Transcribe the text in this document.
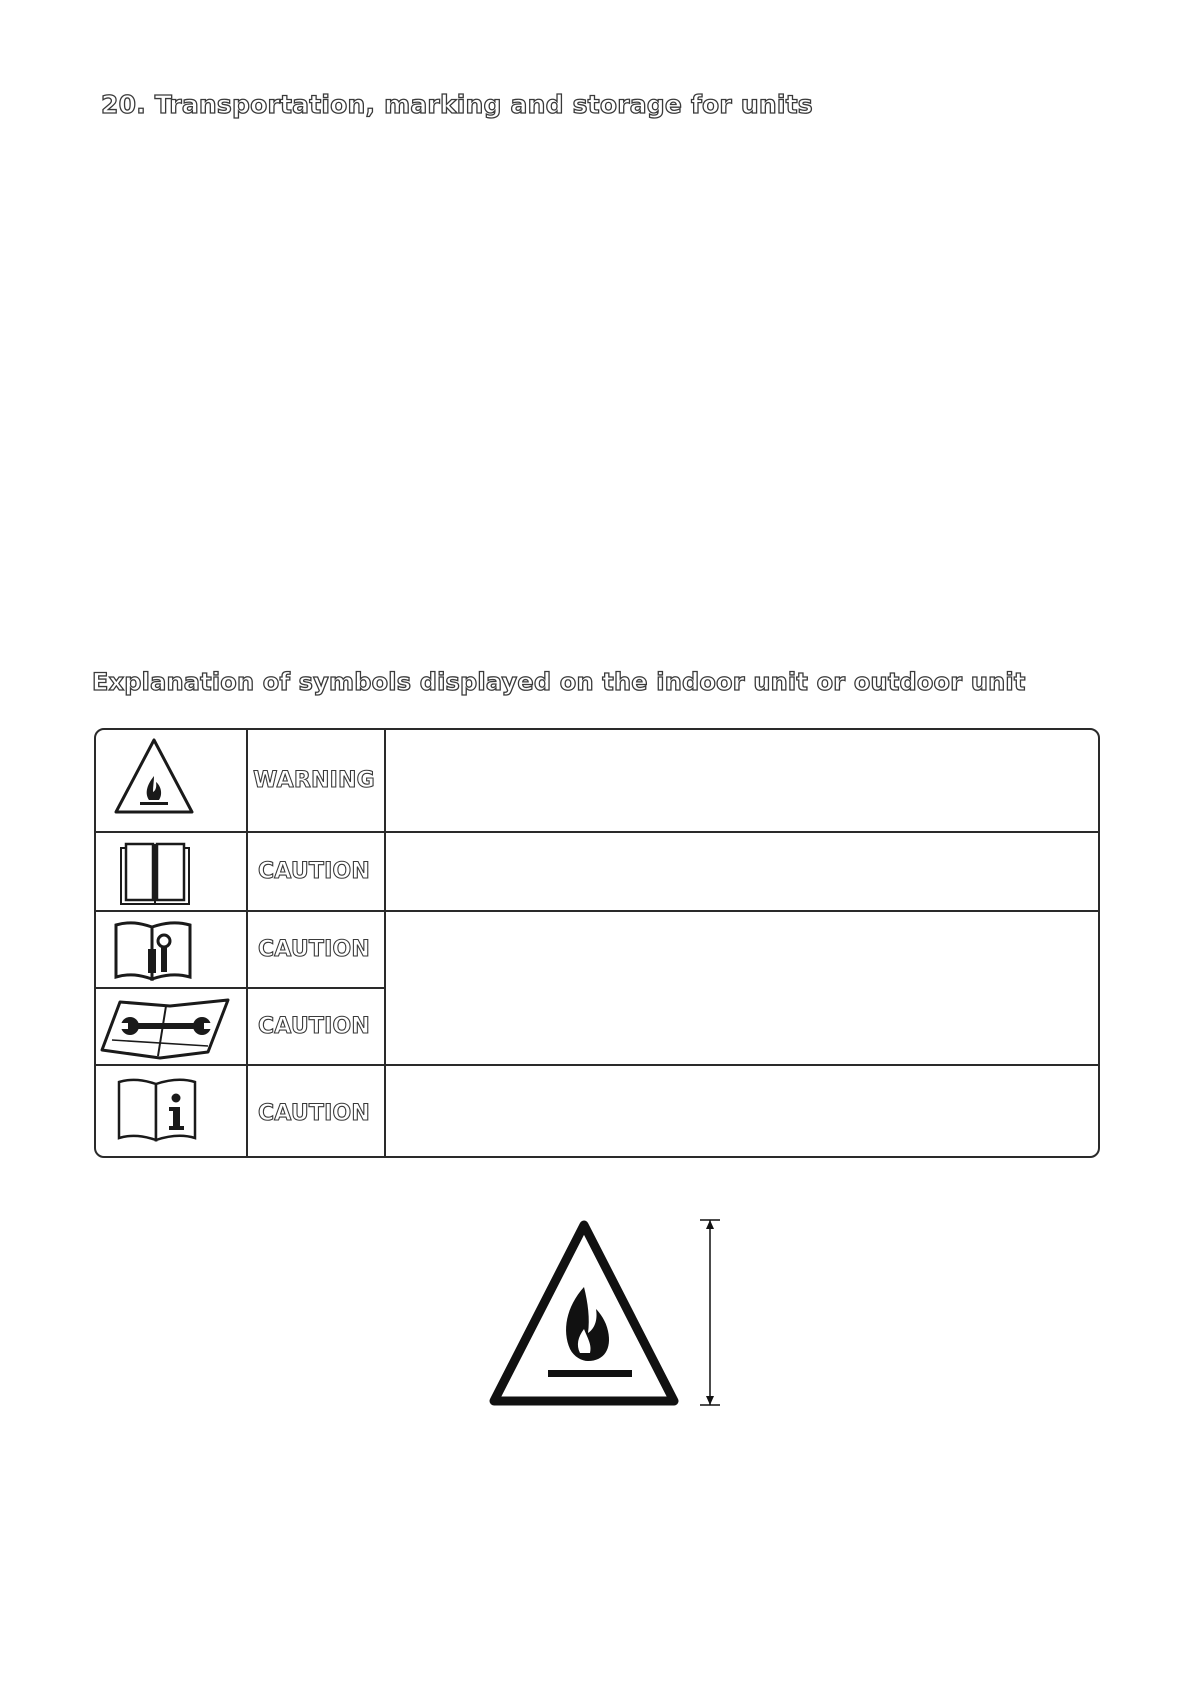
20. Transportation, marking and storage for units
Explanation of symbols displayed on the indoor unit or outdoor unit
WARNING
CAUTION
CAUTION
CAUTION
CAUTION
